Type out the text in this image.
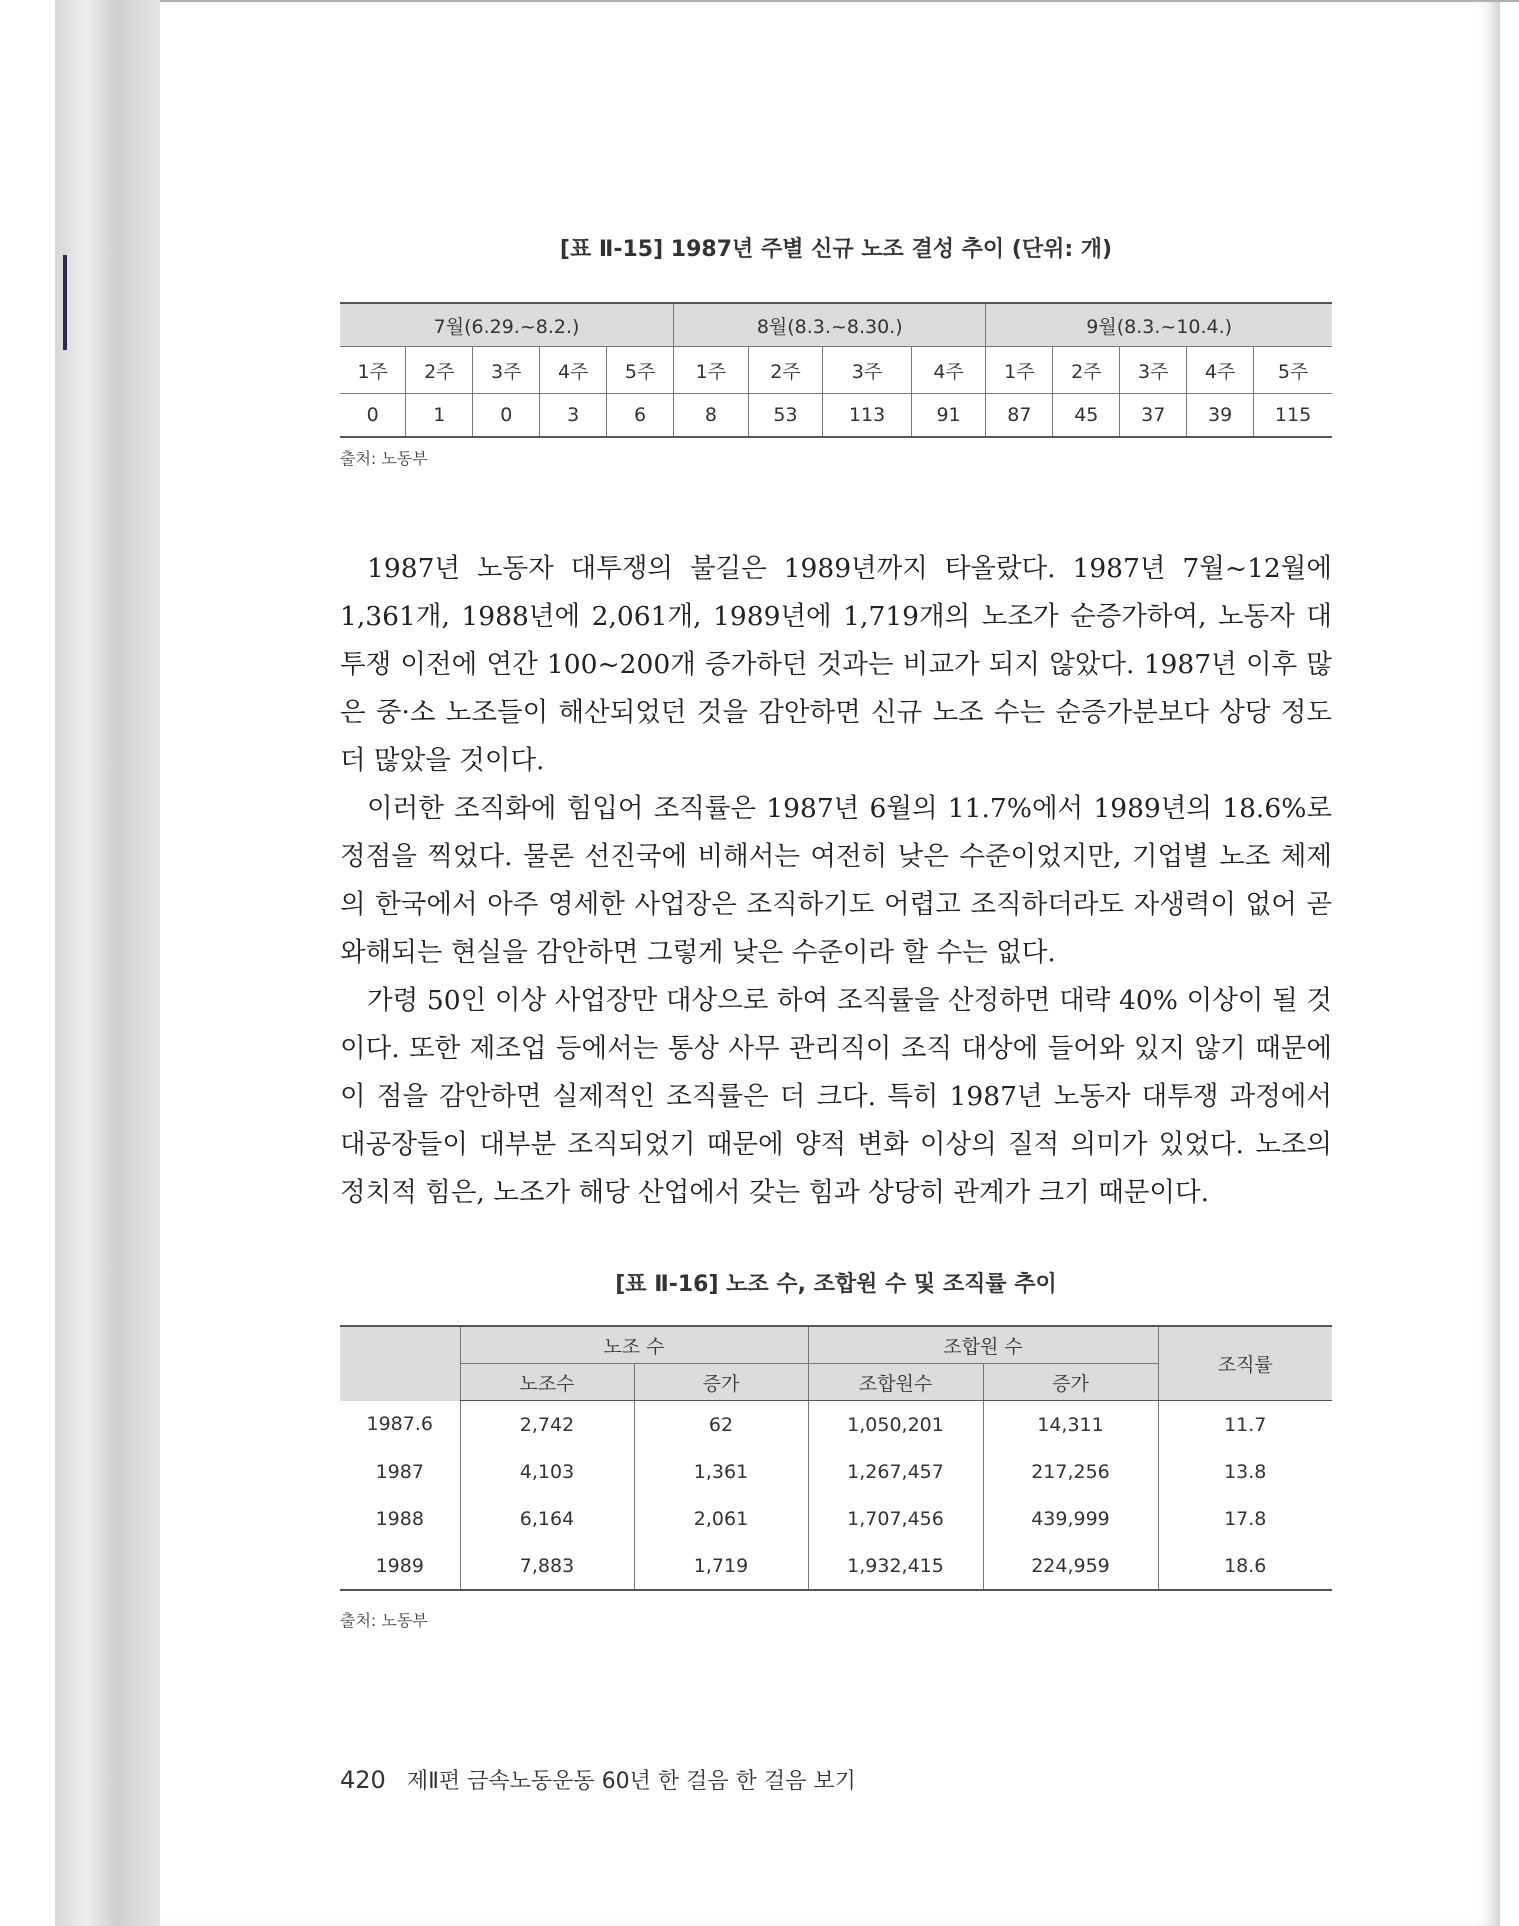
[표 Ⅱ-15] 1987년 주별 신규 노조 결성 추이 (단위: 개)
7월(6.29.~8.2.)					8월(8.3.~8.30.)				9월(8.3.~10.4.)				
1주	2주	3주	4주	5주	1주	2주	3주	4주	1주	2주	3주	4주	5주
0	1	0	3	6	8	53	113	91	87	45	37	39	115
출처: 노동부

1987년 노동자 대투쟁의 불길은 1989년까지 타올랐다. 1987년 7월~12월에 1,361개, 1988년에 2,061개, 1989년에 1,719개의 노조가 순증가하여, 노동자 대투쟁 이전에 연간 100~200개 증가하던 것과는 비교가 되지 않았다. 1987년 이후 많은 중·소 노조들이 해산되었던 것을 감안하면 신규 노조 수는 순증가분보다 상당 정도 더 많았을 것이다.

이러한 조직화에 힘입어 조직률은 1987년 6월의 11.7%에서 1989년의 18.6%로 정점을 찍었다. 물론 선진국에 비해서는 여전히 낮은 수준이었지만, 기업별 노조 체제의 한국에서 아주 영세한 사업장은 조직하기도 어렵고 조직하더라도 자생력이 없어 곧 와해되는 현실을 감안하면 그렇게 낮은 수준이라 할 수는 없다.

가령 50인 이상 사업장만 대상으로 하여 조직률을 산정하면 대략 40% 이상이 될 것이다. 또한 제조업 등에서는 통상 사무 관리직이 조직 대상에 들어와 있지 않기 때문에 이 점을 감안하면 실제적인 조직률은 더 크다. 특히 1987년 노동자 대투쟁 과정에서 대공장들이 대부분 조직되었기 때문에 양적 변화 이상의 질적 의미가 있었다. 노조의 정치적 힘은, 노조가 해당 산업에서 갖는 힘과 상당히 관계가 크기 때문이다.

[표 Ⅱ-16] 노조 수, 조합원 수 및 조직률 추이
	노조 수		조합원 수		조직률
	노조수	증가	조합원수	증가	
1987.6	2,742	62	1,050,201	14,311	11.7
1987	4,103	1,361	1,267,457	217,256	13.8
1988	6,164	2,061	1,707,456	439,999	17.8
1989	7,883	1,719	1,932,415	224,959	18.6
출처: 노동부
420 제Ⅱ편 금속노동운동 60년 한 걸음 한 걸음 보기
